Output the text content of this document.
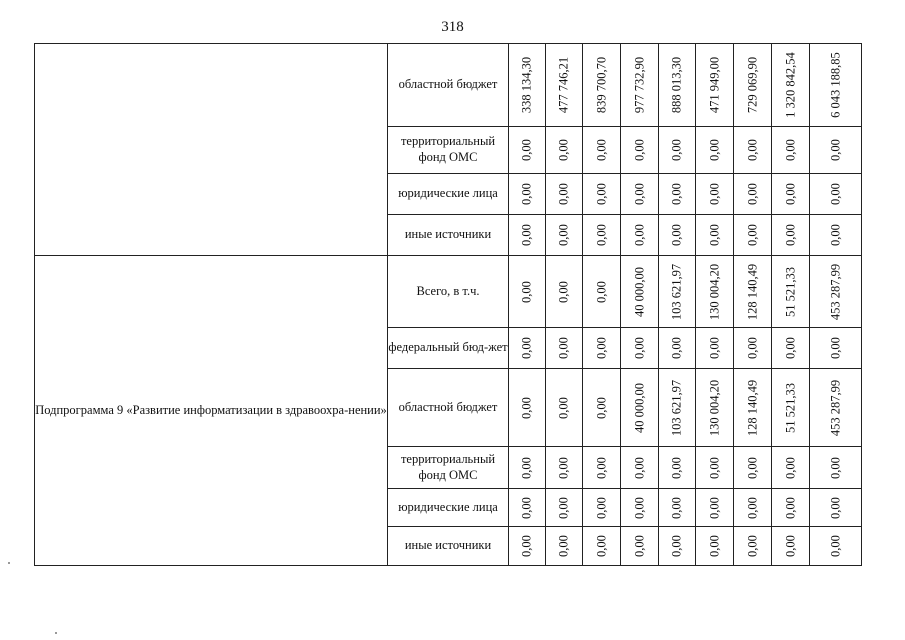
318
	областной бюджет	338 134,30	477 746,21	839 700,70	977 732,90	888 013,30	471 949,00	729 069,90	1 320 842,54	6 043 188,85

	территориальный фонд ОМС	0,00	0,00	0,00	0,00	0,00	0,00	0,00	0,00	0,00

	юридические лица	0,00	0,00	0,00	0,00	0,00	0,00	0,00	0,00	0,00

	иные источники	0,00	0,00	0,00	0,00	0,00	0,00	0,00	0,00	0,00

Подпрограмма 9 «Развитие информатизации в здравоохра-нении»	Всего, в т.ч.	0,00	0,00	0,00	40 000,00	103 621,97	130 004,20	128 140,49	51 521,33	453 287,99

	федеральный бюд-жет	0,00	0,00	0,00	0,00	0,00	0,00	0,00	0,00	0,00

	областной бюджет	0,00	0,00	0,00	40 000,00	103 621,97	130 004,20	128 140,49	51 521,33	453 287,99

	территориальный фонд ОМС	0,00	0,00	0,00	0,00	0,00	0,00	0,00	0,00	0,00

	юридические лица	0,00	0,00	0,00	0,00	0,00	0,00	0,00	0,00	0,00

	иные источники	0,00	0,00	0,00	0,00	0,00	0,00	0,00	0,00	0,00
